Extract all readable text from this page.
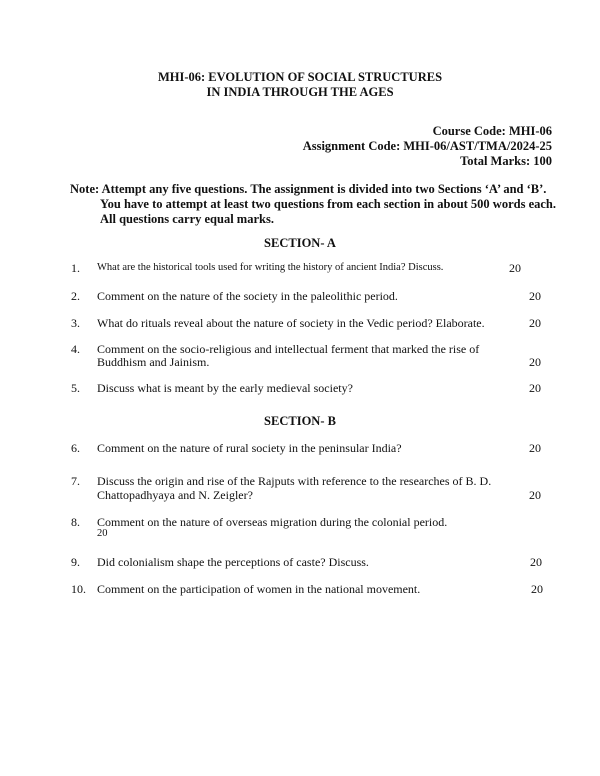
MHI-06: EVOLUTION OF SOCIAL STRUCTURES
IN INDIA THROUGH THE AGES
Course Code: MHI-06
Assignment Code: MHI-06/AST/TMA/2024-25
Total Marks: 100
Note: Attempt any five questions. The assignment is divided into two Sections ‘A’ and ‘B’.
You have to attempt at least two questions from each section in about 500 words each.
All questions carry equal marks.
SECTION- A
1. What are the historical tools used for writing the history of ancient India? Discuss.	20
2. Comment on the nature of the society in the paleolithic period.	20
3. What do rituals reveal about the nature of society in the Vedic period? Elaborate.	20
4. Comment on the socio-religious and intellectual ferment that marked the rise of
Buddhism and Jainism.	20
5. Discuss what is meant by the early medieval society?	20
SECTION- B
6. Comment on the nature of rural society in the peninsular India?	20
7. Discuss the origin and rise of the Rajputs with reference to the researches of B. D.
Chattopadhyaya and N. Zeigler?	20
8. Comment on the nature of overseas migration during the colonial period.
20
9. Did colonialism shape the perceptions of caste? Discuss.	20
10. Comment on the participation of women in the national movement.	20
